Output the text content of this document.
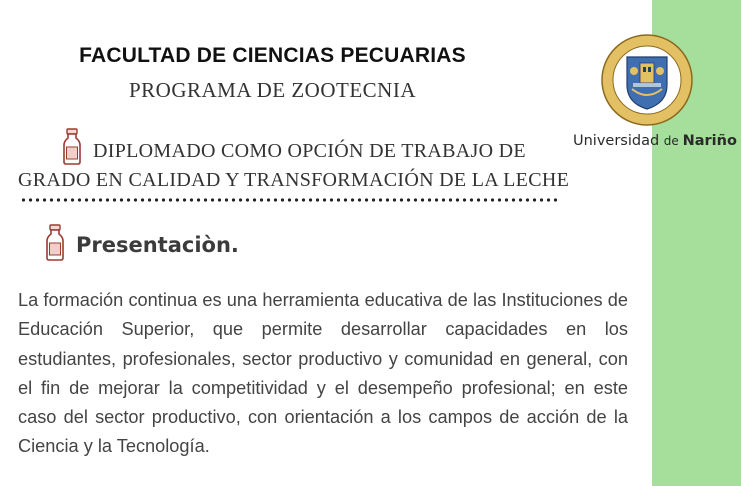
FACULTAD DE CIENCIAS PECUARIAS
PROGRAMA DE ZOOTECNIA
DIPLOMADO COMO OPCIÓN DE TRABAJO DE
GRADO EN CALIDAD Y TRANSFORMACIÓN DE LA LECHE
Presentaciòn.

La formación continua es una herramienta educativa de las Instituciones de Educación Superior, que permite desarrollar capacidades en los estudiantes, profesionales, sector productivo y comunidad en general, con el fin de mejorar la competitividad y el desempeño profesional; en este caso del sector productivo, con orientación a los campos de acción de la Ciencia y la Tecnología.

Universidad de Nariño
